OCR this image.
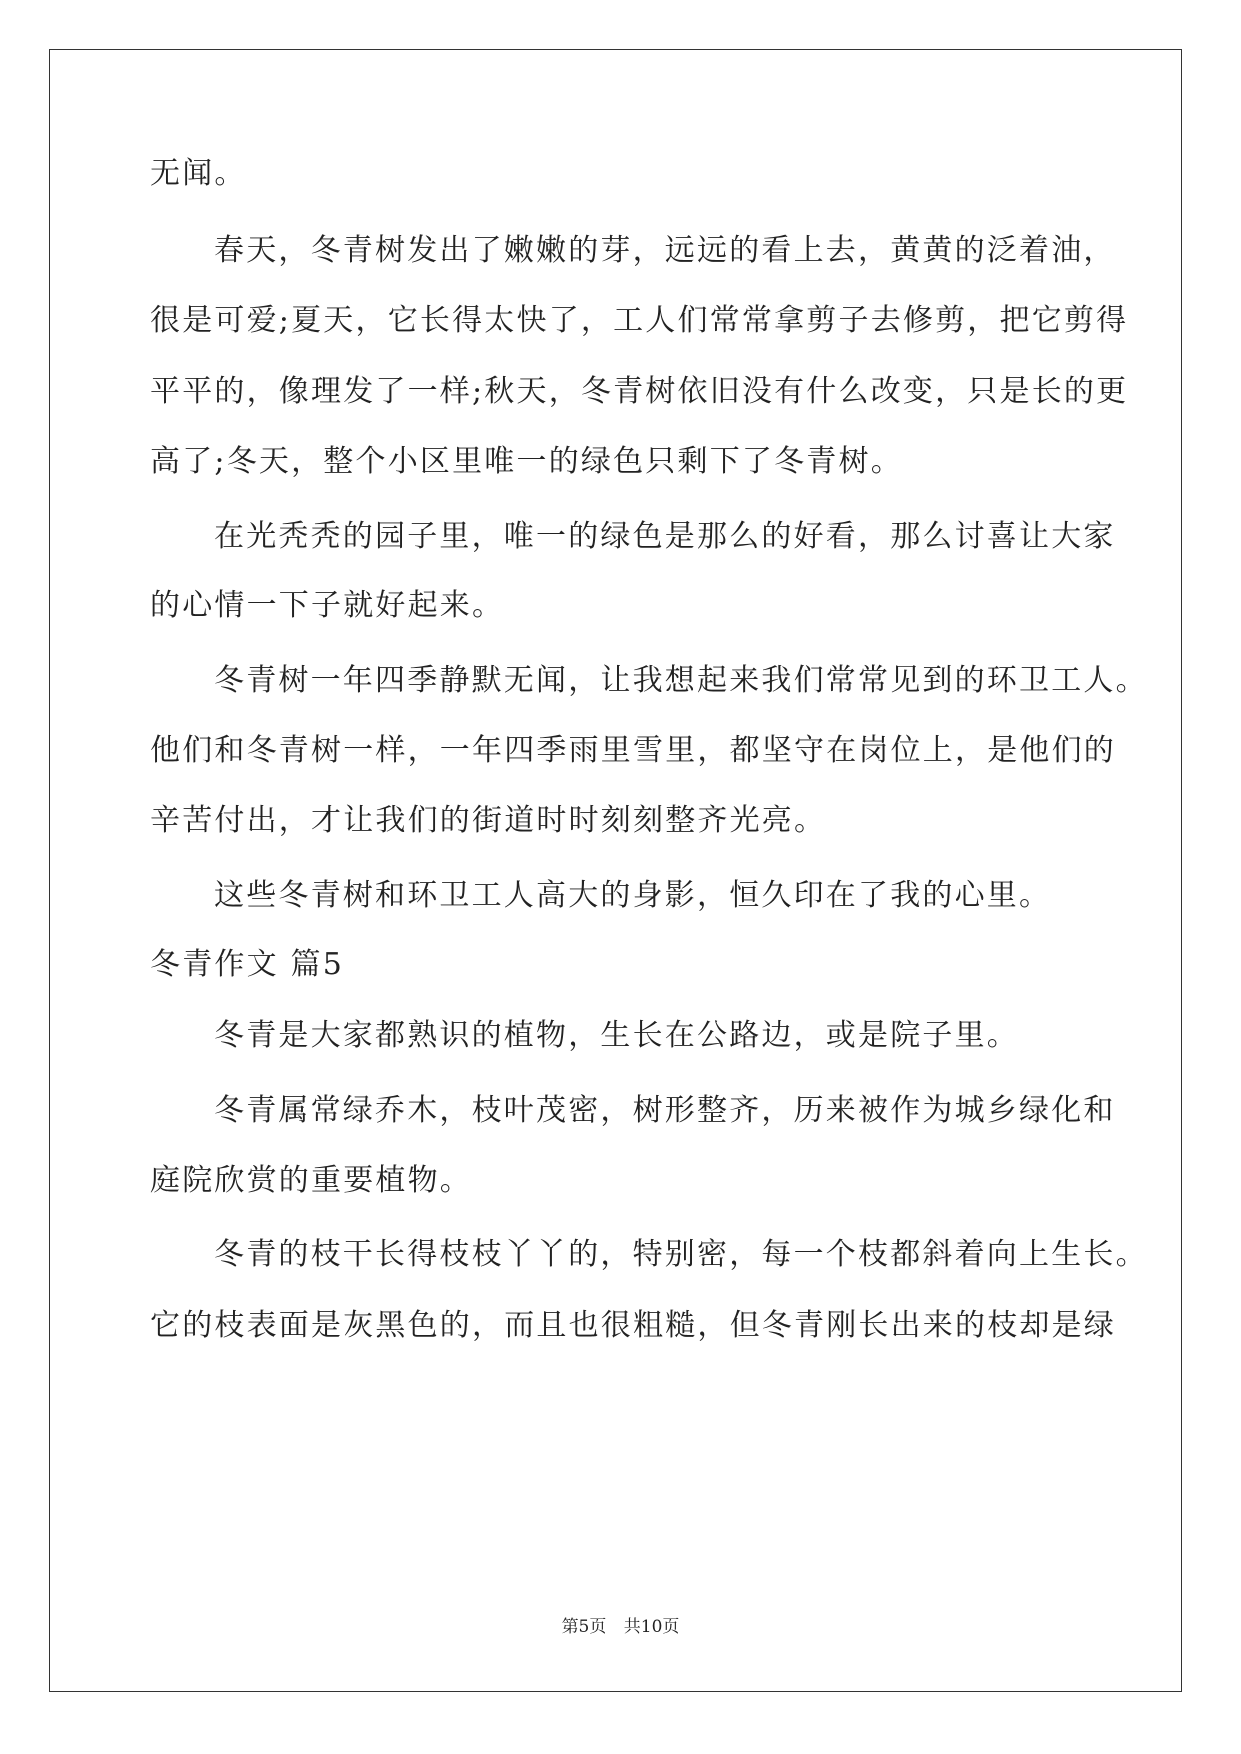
无闻。
春天，冬青树发出了嫩嫩的芽，远远的看上去，黄黄的泛着油，
很是可爱;夏天，它长得太快了，工人们常常拿剪子去修剪，把它剪得
平平的，像理发了一样;秋天，冬青树依旧没有什么改变，只是长的更
高了;冬天，整个小区里唯一的绿色只剩下了冬青树。
在光秃秃的园子里，唯一的绿色是那么的好看，那么讨喜让大家
的心情一下子就好起来。
冬青树一年四季静默无闻，让我想起来我们常常见到的环卫工人。
他们和冬青树一样，一年四季雨里雪里，都坚守在岗位上，是他们的
辛苦付出，才让我们的街道时时刻刻整齐光亮。
这些冬青树和环卫工人高大的身影，恒久印在了我的心里。
冬青作文 篇5
冬青是大家都熟识的植物，生长在公路边，或是院子里。
冬青属常绿乔木，枝叶茂密，树形整齐，历来被作为城乡绿化和
庭院欣赏的重要植物。
冬青的枝干长得枝枝丫丫的，特别密，每一个枝都斜着向上生长。
它的枝表面是灰黑色的，而且也很粗糙，但冬青刚长出来的枝却是绿
第5页 共10页
